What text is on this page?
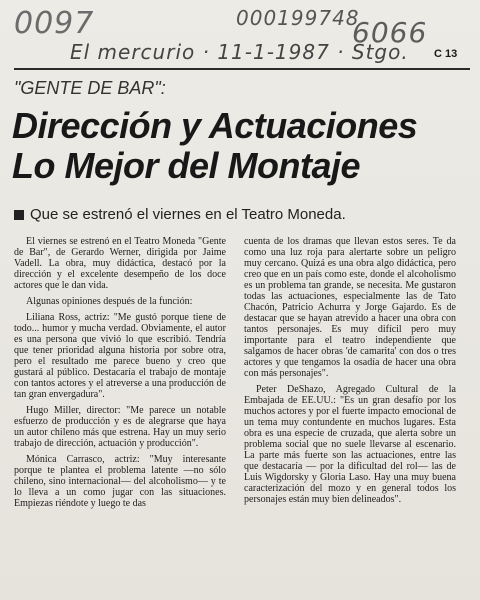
0097	000199748
6066
El mercurio · 11-1-1987 · Stgo. C 13
"GENTE DE BAR":
Dirección y Actuaciones
Lo Mejor del Montaje
Que se estrenó el viernes en el Teatro Moneda.

El viernes se estrenó en el Teatro Moneda "Gente de Bar", de Gerardo Werner, dirigida por Jaime Vadell. La obra, muy didáctica, destacó por la dirección y el excelente desempeño de los doce actores que le dan vida.

Algunas opiniones después de la función:

Liliana Ross, actriz: "Me gustó porque tiene de todo... humor y mucha verdad. Obviamente, el autor es una persona que vivió lo que escribió. Tendría que tener prioridad alguna historia por sobre otra, pero el resultado me parece bueno y creo que gustará al público. Destacaría el trabajo de montaje con tantos actores y el atreverse a una producción de tan gran envergadura".

Hugo Miller, director: "Me parece un notable esfuerzo de producción y es de alegrarse que haya un autor chileno más que estrena. Hay un muy serio trabajo de dirección, actuación y producción".

Mónica Carrasco, actriz: "Muy interesante porque te plantea el problema latente —no sólo chileno, sino internacional— del alcoholismo— y te lo lleva a un como jugar con las situaciones. Empiezas riéndote y luego te das

cuenta de los dramas que llevan estos seres. Te da como una luz roja para alertarte sobre un peligro muy cercano. Quizá es una obra algo didáctica, pero creo que en un país como este, donde el alcoholismo es un problema tan grande, se necesita. Me gustaron todas las actuaciones, especialmente las de Tato Chacón, Patricio Achurra y Jorge Gajardo. Es de destacar que se hayan atrevido a hacer una obra con tantos personajes. Es muy difícil pero muy importante para el teatro independiente que salgamos de hacer obras 'de camarita' con dos o tres actores y que tengamos la osadía de hacer una obra con más personajes".

Peter DeShazo, Agregado Cultural de la Embajada de EE.UU.: "Es un gran desafío por los muchos actores y por el fuerte impacto emocional de un tema muy contundente en muchos lugares. Esta obra es una especie de cruzada, que alerta sobre un problema social que no suele llevarse al escenario. La parte más fuerte son las actuaciones, entre las que destacaría — por la dificultad del rol— las de Luis Wigdorsky y Gloria Laso. Hay una muy buena caracterización del mozo y en general todos los personajes están muy bien delineados".
